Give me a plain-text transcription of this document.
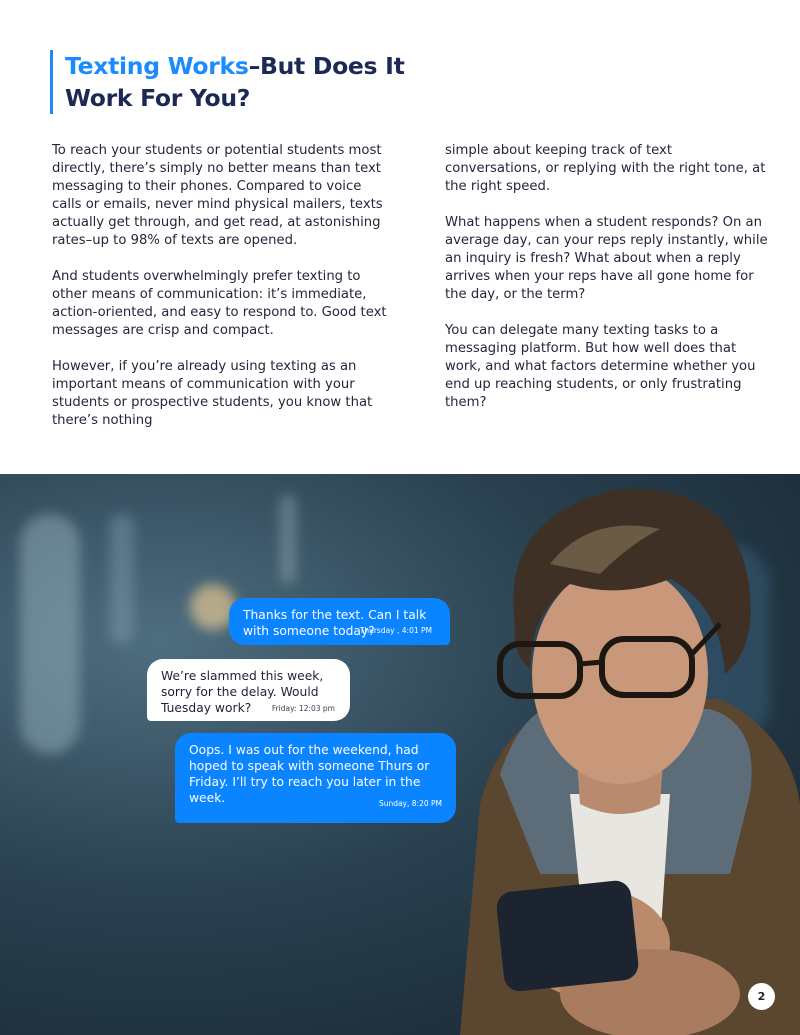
Texting Works–But Does It Work For You?

To reach your students or potential students most directly, there’s simply no better means than text messaging to their phones. Compared to voice calls or emails, never mind physical mailers, texts actually get through, and get read, at astonishing rates–up to 98% of texts are opened.

And students overwhelmingly prefer texting to other means of communication: it’s immediate, action-oriented, and easy to respond to. Good text messages are crisp and compact.

However, if you’re already using texting as an important means of communication with your students or prospective students, you know that there’s nothing

simple about keeping track of text conversations, or replying with the right tone, at the right speed.

What happens when a student responds? On an average day, can your reps reply instantly, while an inquiry is fresh? What about when a reply arrives when your reps have all gone home for the day, or the term?

You can delegate many texting tasks to a messaging platform. But how well does that work, and what factors determine whether you end up reaching students, or only frustrating them?

Thanks for the text. Can I talk with someone today?
Thursday , 4:01 PM
We’re slammed this week, sorry for the delay. Would Tuesday work?	Friday: 12:03 pm
Oops. I was out for the weekend, had hoped to speak with someone Thurs or Friday. I’ll try to reach you later in the week.	Sunday, 8:20 PM
2
